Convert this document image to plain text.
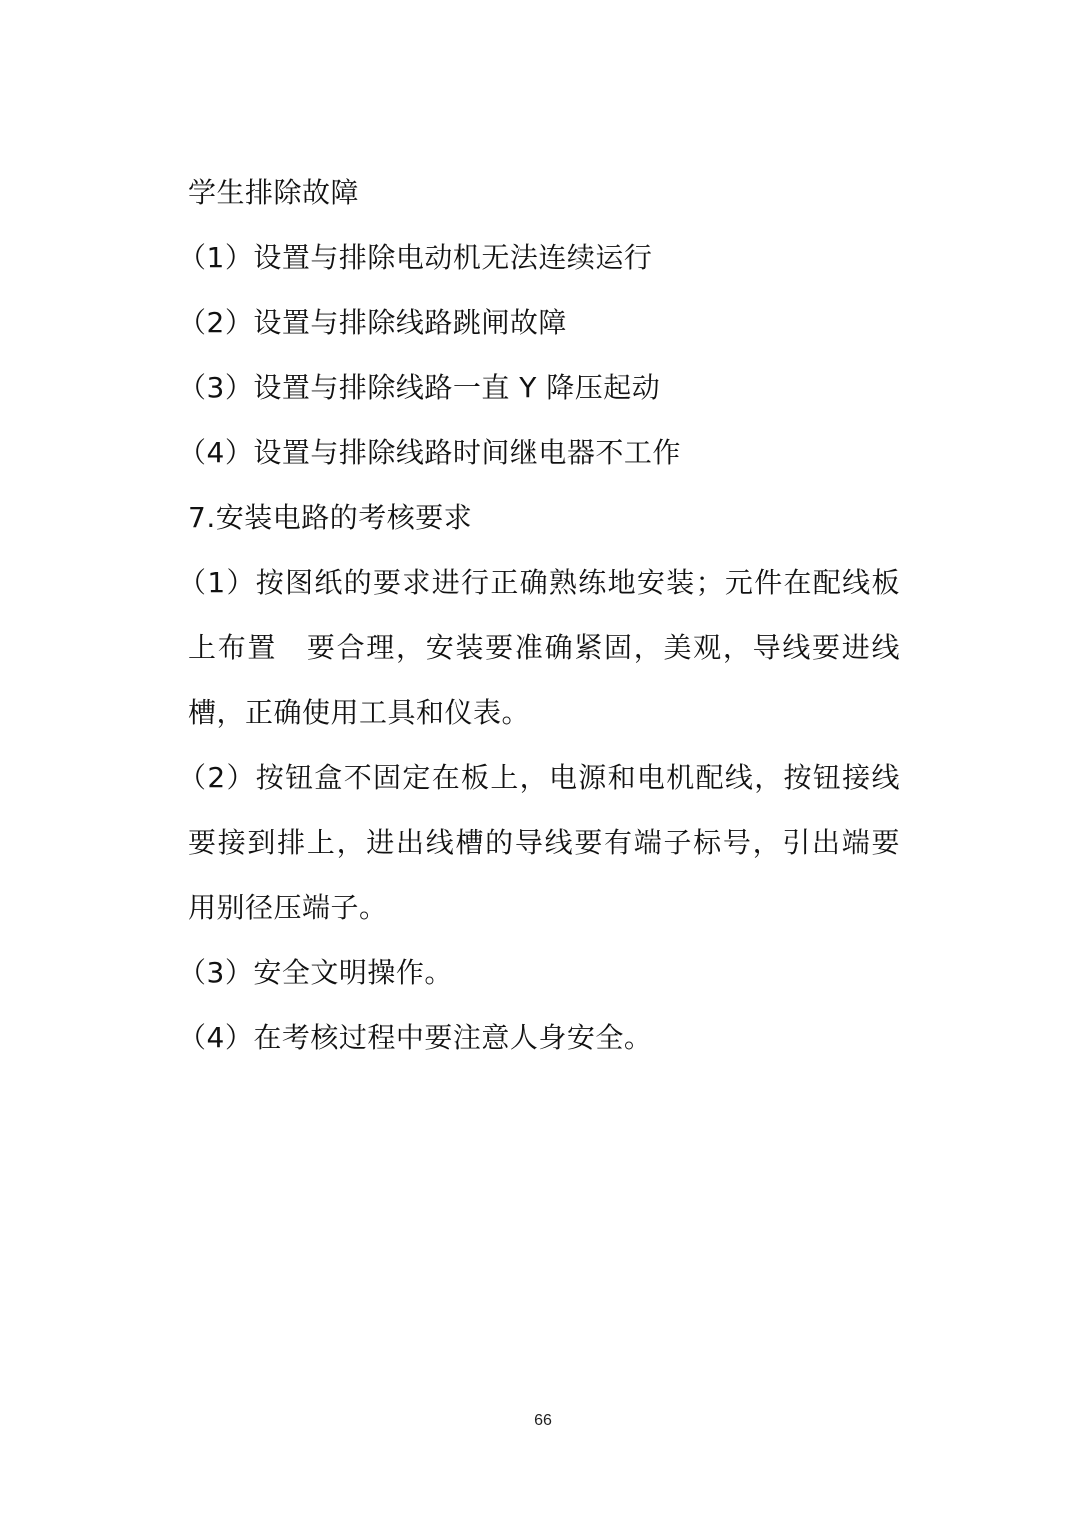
学生排除故障
（1）设置与排除电动机无法连续运行
（2）设置与排除线路跳闸故障
（3）设置与排除线路一直 Y 降压起动
（4）设置与排除线路时间继电器不工作
7.安装电路的考核要求
（1）按图纸的要求进行正确熟练地安装；元件在配线板
上布置　要合理，安装要准确紧固，美观，导线要进线
槽，正确使用工具和仪表。
（2）按钮盒不固定在板上，电源和电机配线，按钮接线
要接到排上，进出线槽的导线要有端子标号，引出端要
用别径压端子。
（3）安全文明操作。
（4）在考核过程中要注意人身安全。
66
